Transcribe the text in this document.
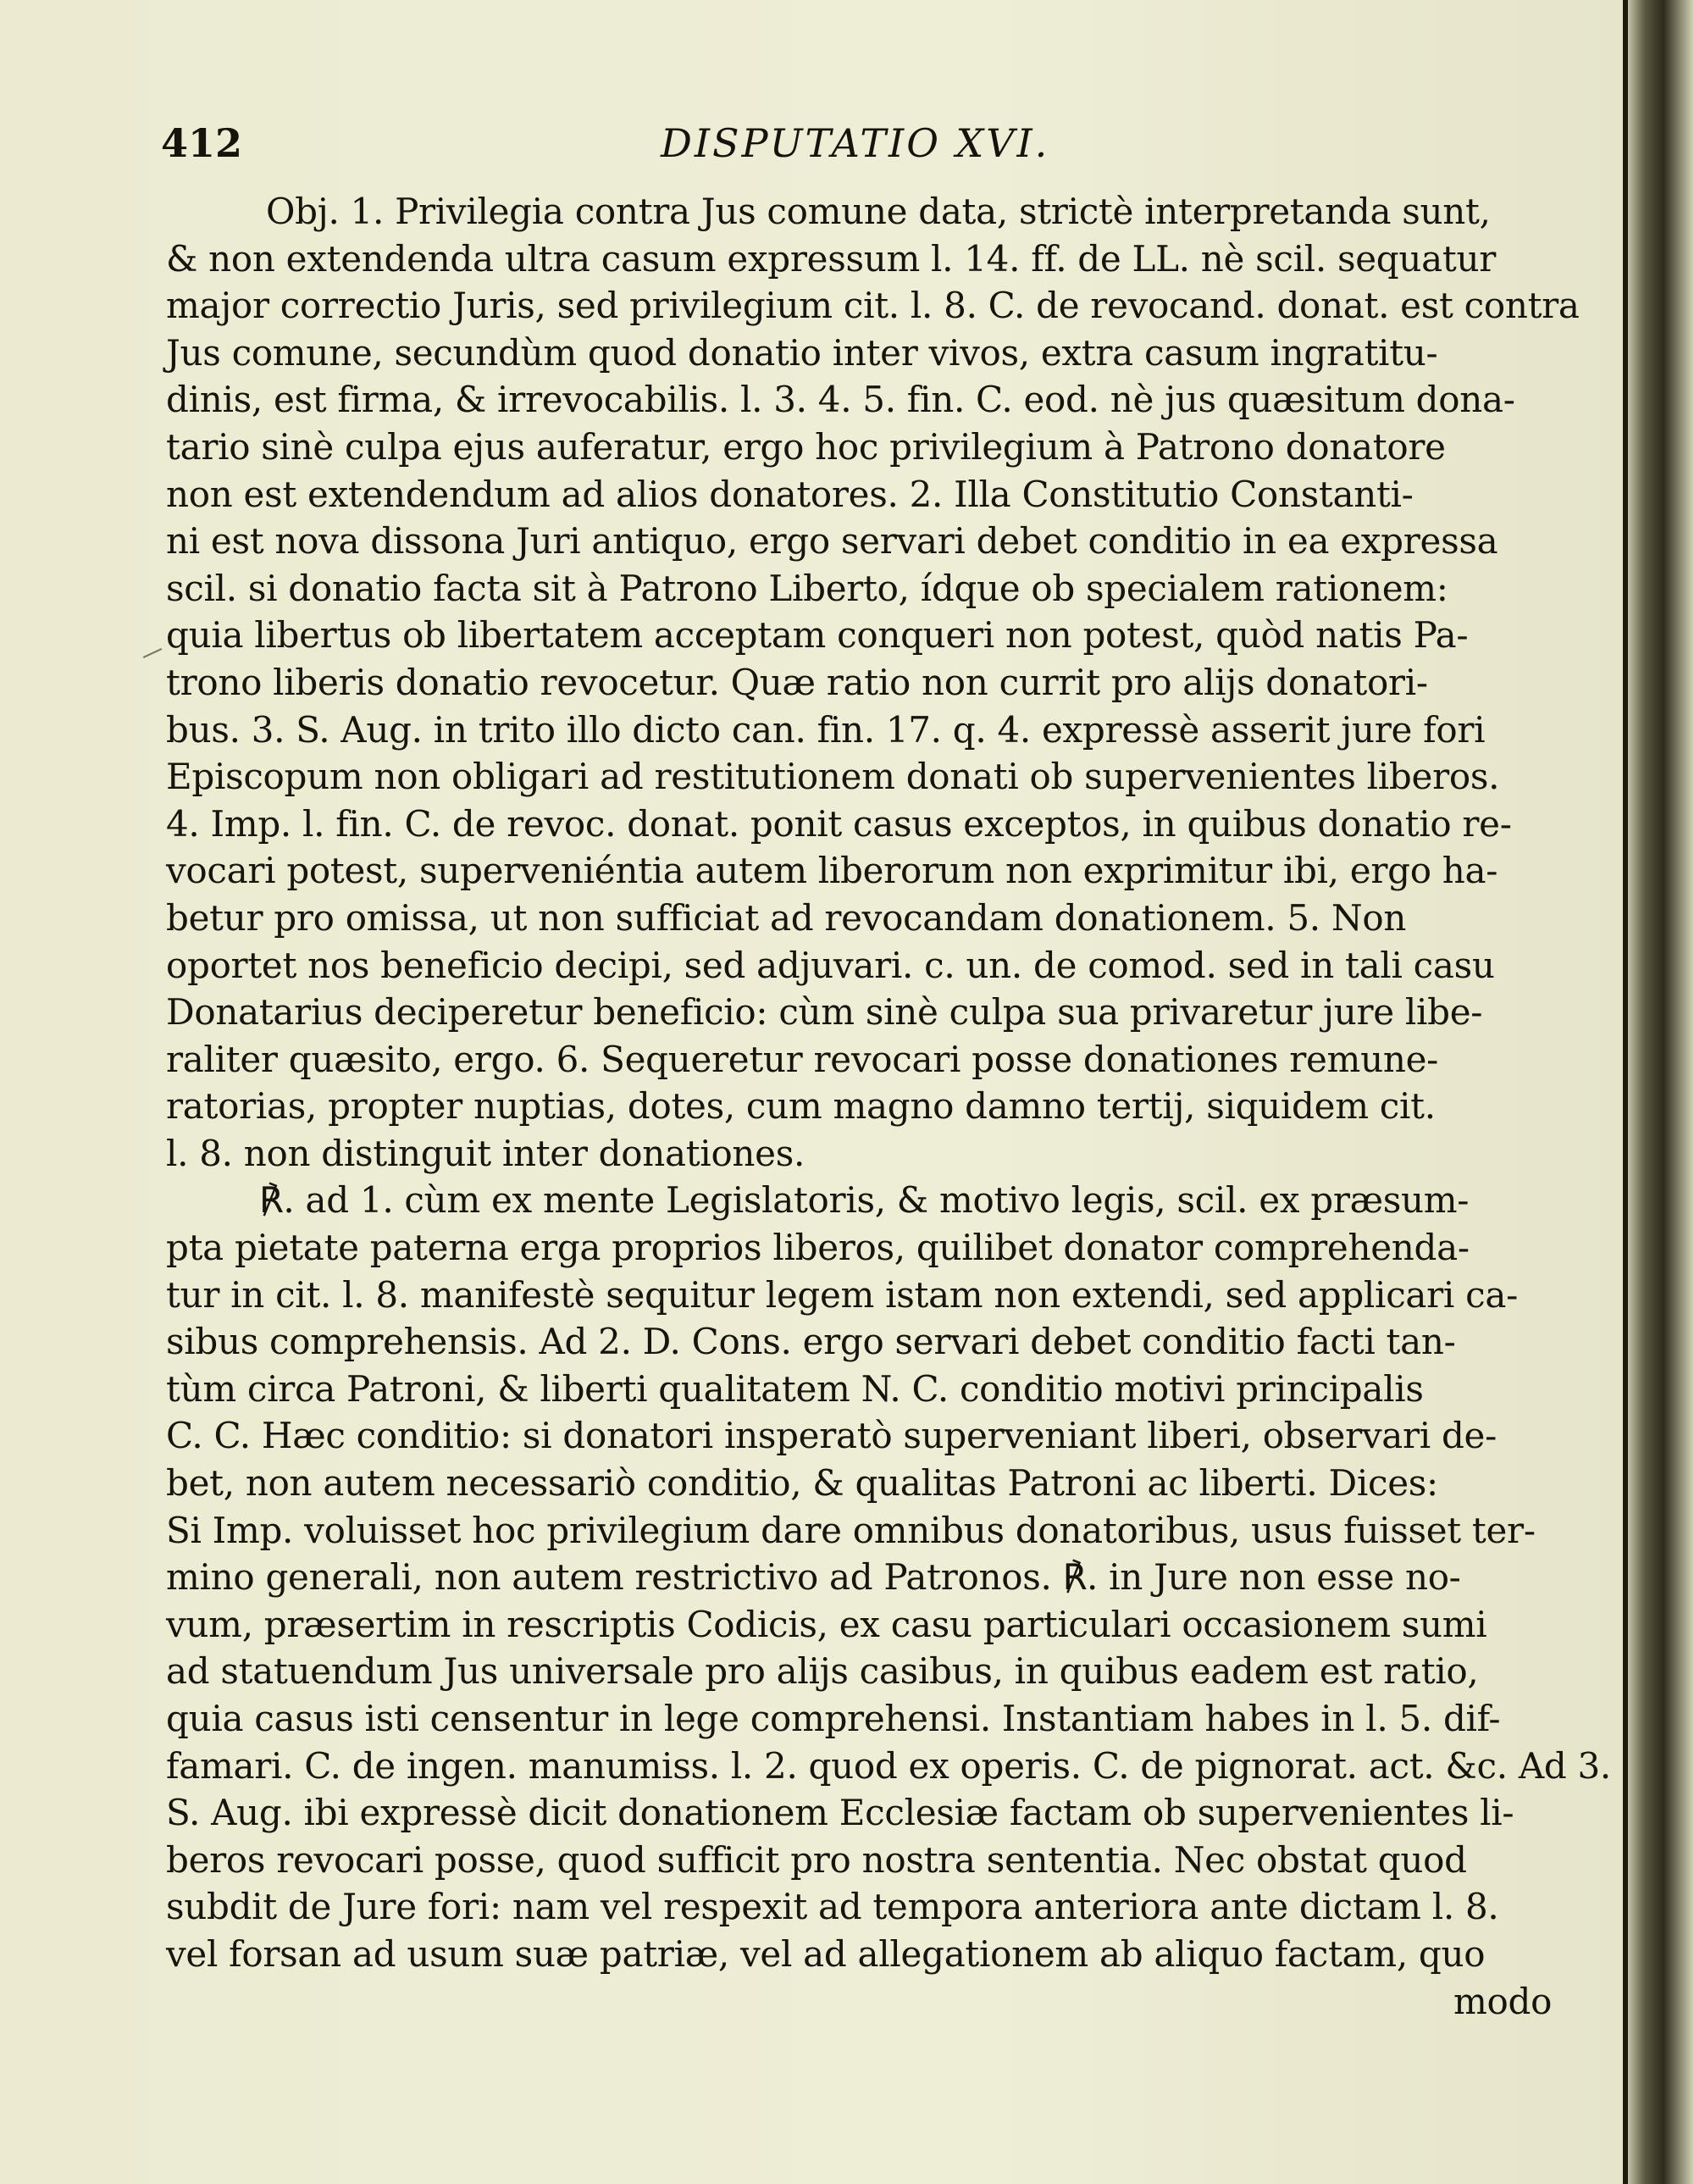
412	DISPUTATIO XVI.
Obj. 1. Privilegia contra Jus comune data, strictè interpretanda sunt,
& non extendenda ultra casum expressum l. 14. ff. de LL. nè scil. sequatur
major correctio Juris, sed privilegium cit. l. 8. C. de revocand. donat. est contra
Jus comune, secundùm quod donatio inter vivos, extra casum ingratitu-
dinis, est firma, & irrevocabilis. l. 3. 4. 5. fin. C. eod. nè jus quæsitum dona-
tario sinè culpa ejus auferatur, ergo hoc privilegium à Patrono donatore
non est extendendum ad alios donatores. 2. Illa Constitutio Constanti-
ni est nova dissona Juri antiquo, ergo servari debet conditio in ea expressa
scil. si donatio facta sit à Patrono Liberto, ídque ob specialem rationem:
quia libertus ob libertatem acceptam conqueri non potest, quòd natis Pa-
trono liberis donatio revocetur. Quæ ratio non currit pro alijs donatori-
bus. 3. S. Aug. in trito illo dicto can. fin. 17. q. 4. expressè asserit jure fori
Episcopum non obligari ad restitutionem donati ob supervenientes liberos.
4. Imp. l. fin. C. de revoc. donat. ponit casus exceptos, in quibus donatio re-
vocari potest, superveniéntia autem liberorum non exprimitur ibi, ergo ha-
betur pro omissa, ut non sufficiat ad revocandam donationem. 5. Non
oportet nos beneficio decipi, sed adjuvari. c. un. de comod. sed in tali casu
Donatarius deciperetur beneficio: cùm sinè culpa sua privaretur jure libe-
raliter quæsito, ergo. 6. Sequeretur revocari posse donationes remune-
ratorias, propter nuptias, dotes, cum magno damno tertij, siquidem cit.
l. 8. non distinguit inter donationes.
℟. ad 1. cùm ex mente Legislatoris, & motivo legis, scil. ex præsum-
pta pietate paterna erga proprios liberos, quilibet donator comprehenda-
tur in cit. l. 8. manifestè sequitur legem istam non extendi, sed applicari ca-
sibus comprehensis. Ad 2. D. Cons. ergo servari debet conditio facti tan-
tùm circa Patroni, & liberti qualitatem N. C. conditio motivi principalis
C. C. Hæc conditio: si donatori insperatò superveniant liberi, observari de-
bet, non autem necessariò conditio, & qualitas Patroni ac liberti. Dices:
Si Imp. voluisset hoc privilegium dare omnibus donatoribus, usus fuisset ter-
mino generali, non autem restrictivo ad Patronos. ℟. in Jure non esse no-
vum, præsertim in rescriptis Codicis, ex casu particulari occasionem sumi
ad statuendum Jus universale pro alijs casibus, in quibus eadem est ratio,
quia casus isti censentur in lege comprehensi. Instantiam habes in l. 5. dif-
famari. C. de ingen. manumiss. l. 2. quod ex operis. C. de pignorat. act. &c. Ad 3.
S. Aug. ibi expressè dicit donationem Ecclesiæ factam ob supervenientes li-
beros revocari posse, quod sufficit pro nostra sententia. Nec obstat quod
subdit de Jure fori: nam vel respexit ad tempora anteriora ante dictam l. 8.
vel forsan ad usum suæ patriæ, vel ad allegationem ab aliquo factam, quo
modo
